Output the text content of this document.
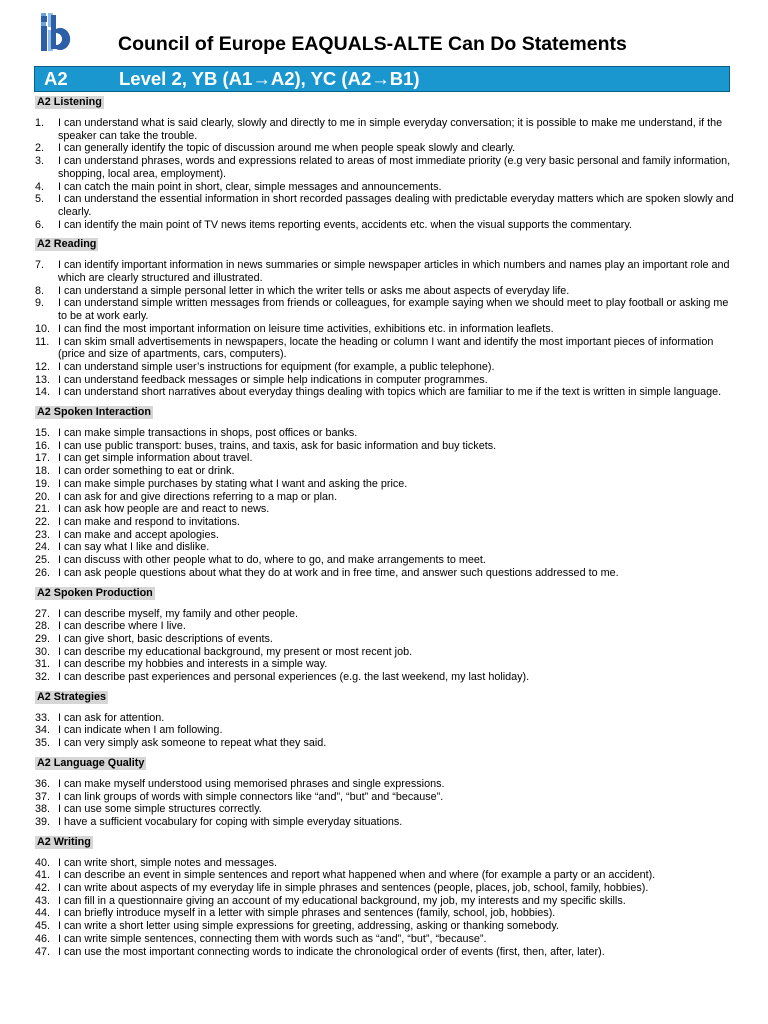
Council of Europe EAQUALS-ALTE Can Do Statements
A2	Level 2, YB (A1→A2), YC (A2→B1)
A2 Listening
1. I can understand what is said clearly, slowly and directly to me in simple everyday conversation; it is possible to make me understand, if the speaker can take the trouble.
2. I can generally identify the topic of discussion around me when people speak slowly and clearly.
3. I can understand phrases, words and expressions related to areas of most immediate priority (e.g very basic personal and family information, shopping, local area, employment).
4. I can catch the main point in short, clear, simple messages and announcements.
5. I can understand the essential information in short recorded passages dealing with predictable everyday matters which are spoken slowly and clearly.
6. I can identify the main point of TV news items reporting events, accidents etc. when the visual supports the commentary.
A2 Reading
7. I can identify important information in news summaries or simple newspaper articles in which numbers and names play an important role and which are clearly structured and illustrated.
8. I can understand a simple personal letter in which the writer tells or asks me about aspects of everyday life.
9. I can understand simple written messages from friends or colleagues, for example saying when we should meet to play football or asking me to be at work early.
10. I can find the most important information on leisure time activities, exhibitions etc. in information leaflets.
11. I can skim small advertisements in newspapers, locate the heading or column I want and identify the most important pieces of information (price and size of apartments, cars, computers).
12. I can understand simple user’s instructions for equipment (for example, a public telephone).
13. I can understand feedback messages or simple help indications in computer programmes.
14. I can understand short narratives about everyday things dealing with topics which are familiar to me if the text is written in simple language.
A2 Spoken Interaction
15. I can make simple transactions in shops, post offices or banks.
16. I can use public transport: buses, trains, and taxis, ask for basic information and buy tickets.
17. I can get simple information about travel.
18. I can order something to eat or drink.
19. I can make simple purchases by stating what I want and asking the price.
20. I can ask for and give directions referring to a map or plan.
21. I can ask how people are and react to news.
22. I can make and respond to invitations.
23. I can make and accept apologies.
24. I can say what I like and dislike.
25. I can discuss with other people what to do, where to go, and make arrangements to meet.
26. I can ask people questions about what they do at work and in free time, and answer such questions addressed to me.
A2 Spoken Production
27. I can describe myself, my family and other people.
28. I can describe where I live.
29. I can give short, basic descriptions of events.
30. I can describe my educational background, my present or most recent job.
31. I can describe my hobbies and interests in a simple way.
32. I can describe past experiences and personal experiences (e.g. the last weekend, my last holiday).
A2 Strategies
33. I can ask for attention.
34. I can indicate when I am following.
35. I can very simply ask someone to repeat what they said.
A2 Language Quality
36. I can make myself understood using memorised phrases and single expressions.
37. I can link groups of words with simple connectors like “and”, “but” and “because”.
38. I can use some simple structures correctly.
39. I have a sufficient vocabulary for coping with simple everyday situations.
A2 Writing
40. I can write short, simple notes and messages.
41. I can describe an event in simple sentences and report what happened when and where (for example a party or an accident).
42. I can write about aspects of my everyday life in simple phrases and sentences (people, places, job, school, family, hobbies).
43. I can fill in a questionnaire giving an account of my educational background, my job, my interests and my specific skills.
44. I can briefly introduce myself in a letter with simple phrases and sentences (family, school, job, hobbies).
45. I can write a short letter using simple expressions for greeting, addressing, asking or thanking somebody.
46. I can write simple sentences, connecting them with words such as “and”, “but”, “because”.
47. I can use the most important connecting words to indicate the chronological order of events (first, then, after, later).
